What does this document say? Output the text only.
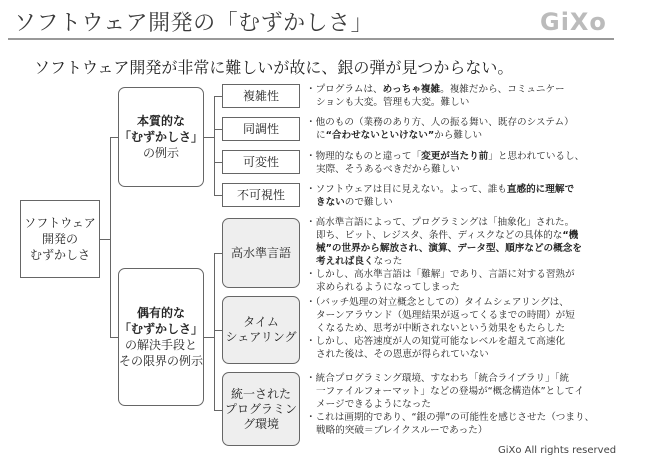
ソフトウェア開発の「むずかしさ」	GiXo
ソフトウェア開発が非常に難しいが故に、銀の弾が見つからない。
ソフトウェア
開発の
むずかしさ
本質的な
「むずかしさ」
の例示
偶有的な
「むずかしさ」
の解決手段と
その限界の例示
複雑性
同調性
可変性
不可視性
高水準言語
タイム
シェアリング
統一された
プログラミン
グ環境
・プログラムは、めっちゃ複雑。複雑だから、コミュニケー
ションも大変。管理も大変。難しい
・他のもの（業務のあり方、人の振る舞い、既存のシステム）
に“合わせないといけない”から難しい
・物理的なものと違って「変更が当たり前」と思われているし、
実際、そうあるべきだから難しい
・ソフトウェアは目に見えない。よって、誰も直感的に理解で
きないので難しい
・高水準言語によって、プログラミングは「抽象化」された。
即ち、ビット、レジスタ、条件、ディスクなどの具体的な“機
械”の世界から解放され、演算、データ型、順序などの概念を
考えれば良くなった
・しかし、高水準言語は「難解」であり、言語に対する習熟が
求められるようになってしまった
・（バッチ処理の対立概念としての）タイムシェアリングは、
ターンアラウンド（処理結果が返ってくるまでの時間）が短
くなるため、思考が中断されないという効果をもたらした
・しかし、応答速度が人の知覚可能なレベルを超えて高速化
された後は、その恩恵が得られていない
・統合プログラミング環境、すなわち「統合ライブラリ」「統
一ファイルフォーマット」などの登場が“概念構造体”としてイ
メージできるようになった
・これは画期的であり、“銀の弾”の可能性を感じさせた（つまり、
戦略的突破＝ブレイクスルーであった）
GiXo All rights reserved
